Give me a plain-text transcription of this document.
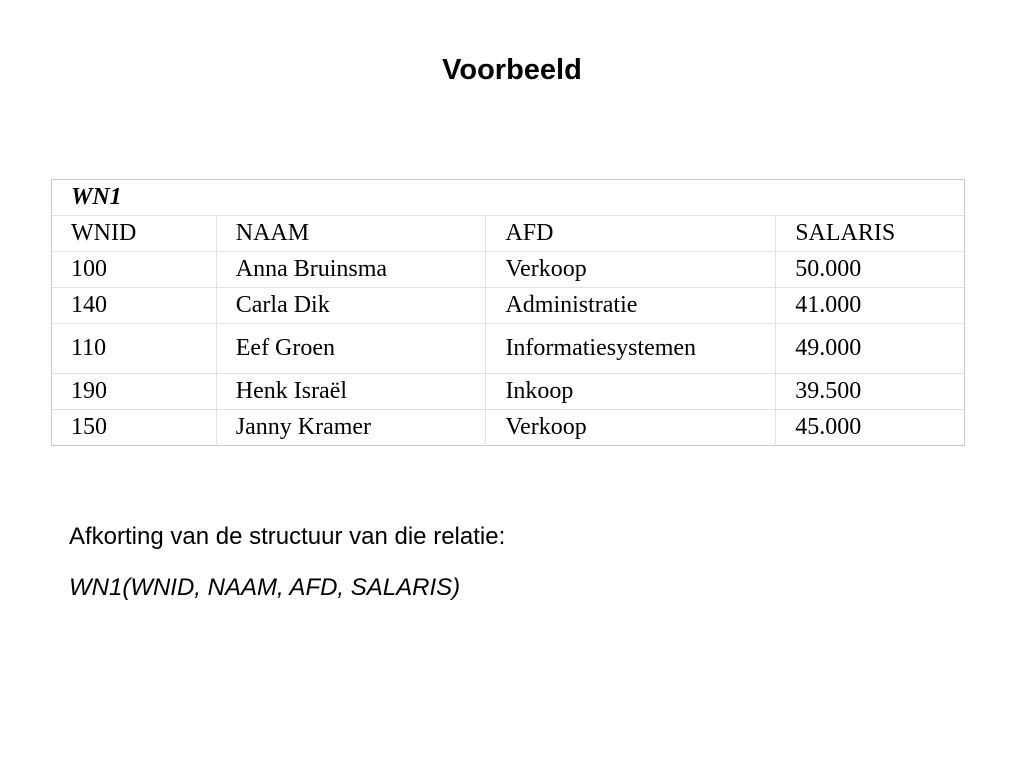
Voorbeeld
WN1			
WNID	NAAM	AFD	SALARIS
100	Anna Bruinsma	Verkoop	50.000
140	Carla Dik	Administratie	41.000
110	Eef Groen	Informatiesystemen	49.000
190	Henk Israël	Inkoop	39.500
150	Janny Kramer	Verkoop	45.000
Afkorting van de structuur van die relatie:
WN1(WNID, NAAM, AFD, SALARIS)
